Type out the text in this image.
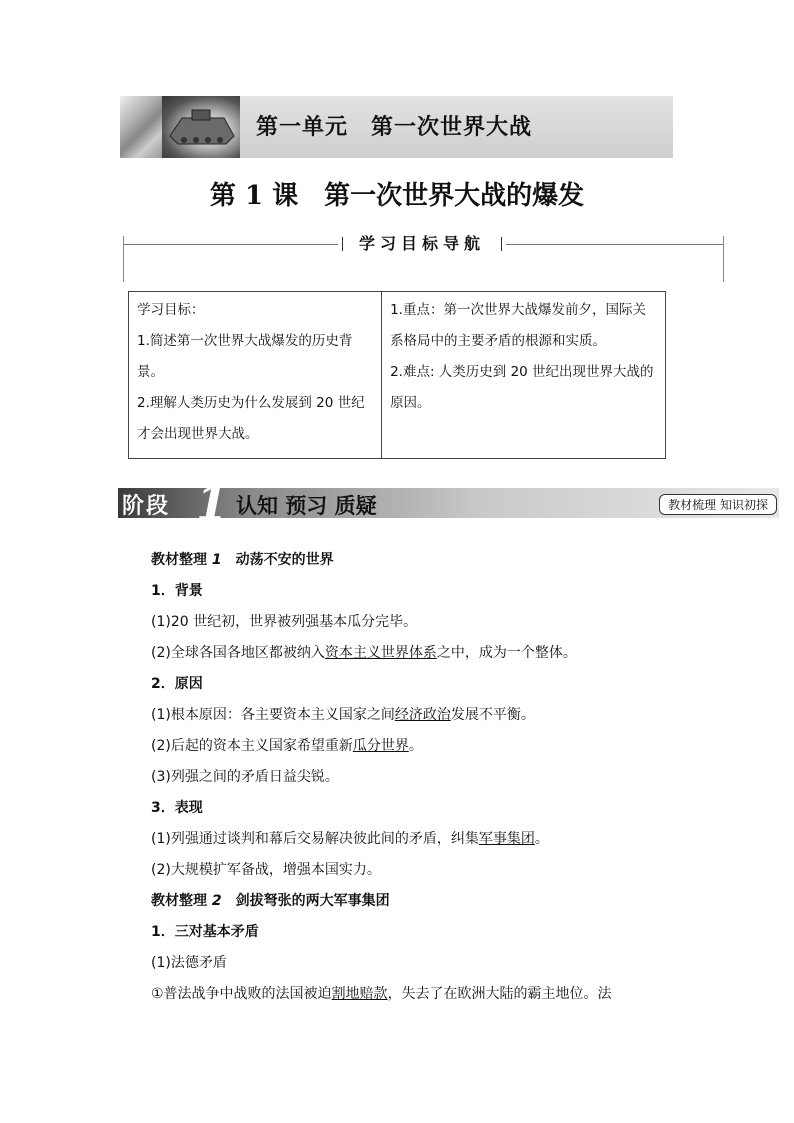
第一单元　第一次世界大战
第 1 课　第一次世界大战的爆发
学习目标导航

学习目标：

1.简述第一次世界大战爆发的历史背景。

2.理解人类历史为什么发展到 20 世纪才会出现世界大战。

1.重点：第一次世界大战爆发前夕，国际关系格局中的主要矛盾的根源和实质。

2.难点: 人类历史到 20 世纪出现世界大战的原因。

阶段 1 认知 预习 质疑	教材梳理 知识初探
教材整理 1　 动荡不安的世界
1．背景
(1)20 世纪初，世界被列强基本瓜分完毕。
(2)全球各国各地区都被纳入资本主义世界体系之中，成为一个整体。
2．原因
(1)根本原因：各主要资本主义国家之间经济政治发展不平衡。
(2)后起的资本主义国家希望重新瓜分世界。
(3)列强之间的矛盾日益尖锐。
3．表现
(1)列强通过谈判和幕后交易解决彼此间的矛盾，纠集军事集团。
(2)大规模扩军备战，增强本国实力。
教材整理 2　 剑拔弩张的两大军事集团
1．三对基本矛盾
(1)法德矛盾
①普法战争中战败的法国被迫割地赔款，失去了在欧洲大陆的霸主地位。法
